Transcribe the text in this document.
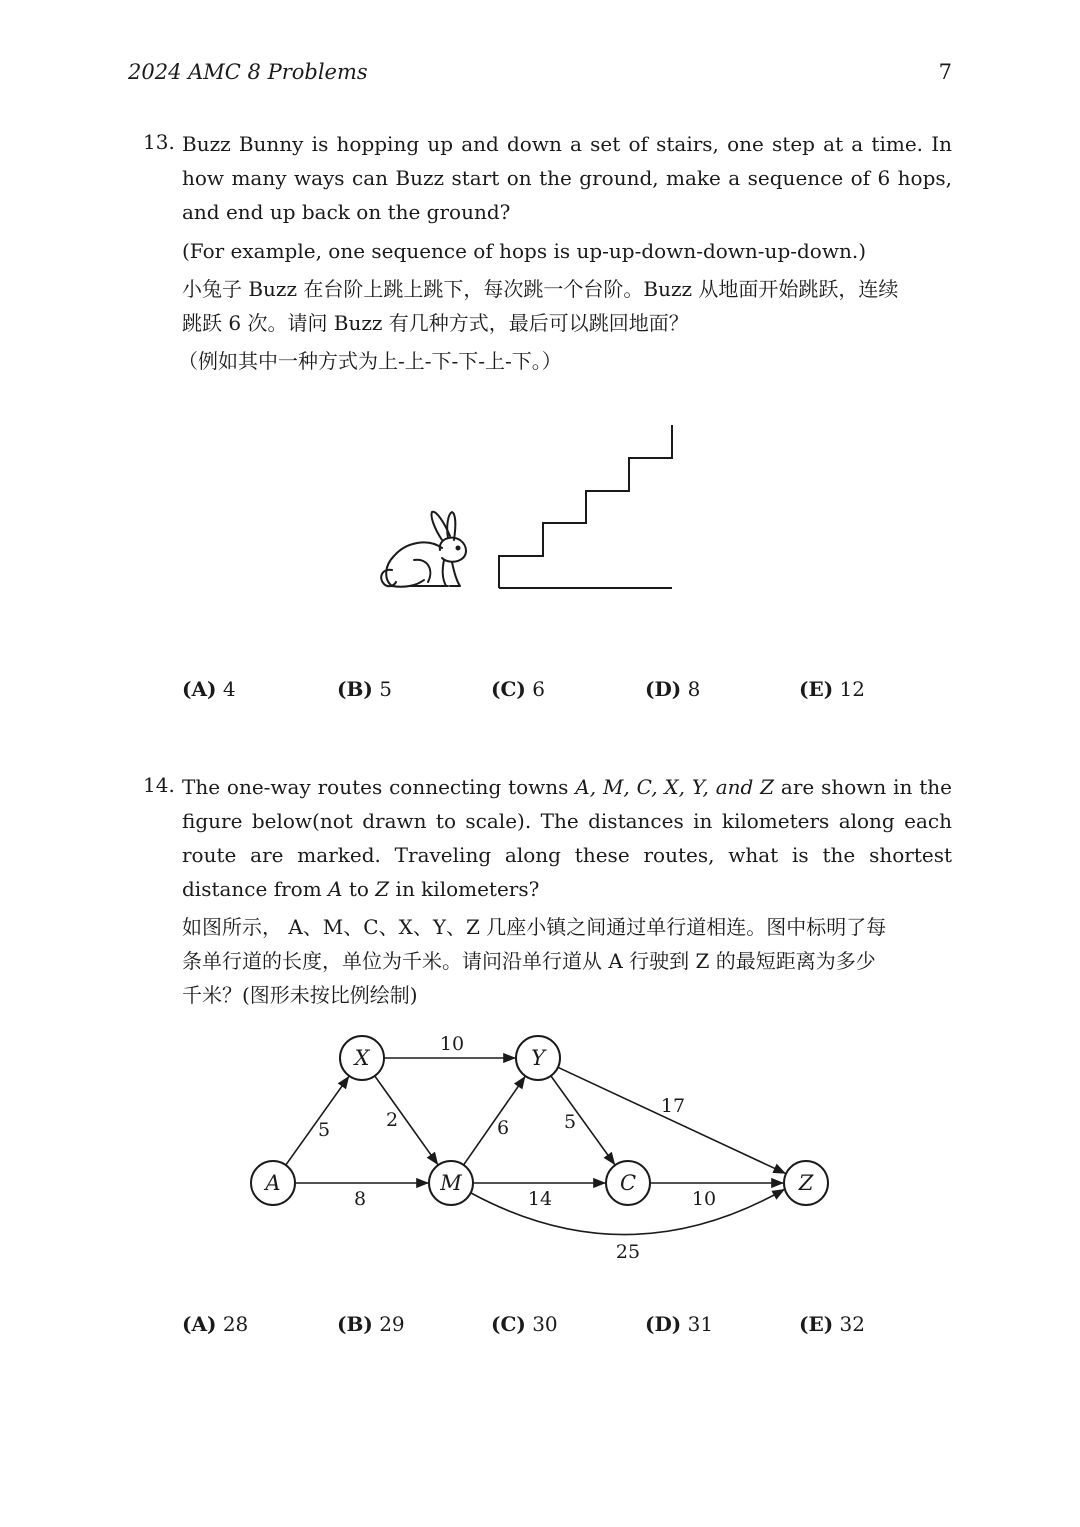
2024 AMC 8 Problems	7
13. Buzz Bunny is hopping up and down a set of stairs, one step at a time. In how many ways can Buzz start on the ground, make a sequence of 6 hops, and end up back on the ground?
(For example, one sequence of hops is up-up-down-down-up-down.)
小兔子 Buzz 在台阶上跳上跳下，每次跳一个台阶。Buzz 从地面开始跳跃，连续
跳跃 6 次。请问 Buzz 有几种方式，最后可以跳回地面？
（例如其中一种方式为上-上-下-下-上-下。）
(A) 4	(B) 5	(C) 6	(D) 8	(E) 12
14. The one-way routes connecting towns A, M, C, X, Y, and Z are shown in the figure below(not drawn to scale). The distances in kilometers along each route are marked. Traveling along these routes, what is the shortest distance from A to Z in kilometers?
如图所示， A、M、C、X、Y、Z 几座小镇之间通过单行道相连。图中标明了每
条单行道的长度，单位为千米。请问沿单行道从 A 行驶到 Z 的最短距离为多少
千米？(图形未按比例绘制)
5
8
10
2	6	5
17
14	10
25
A
X
M
Y
C	Z
(A) 28	(B) 29	(C) 30	(D) 31	(E) 32
